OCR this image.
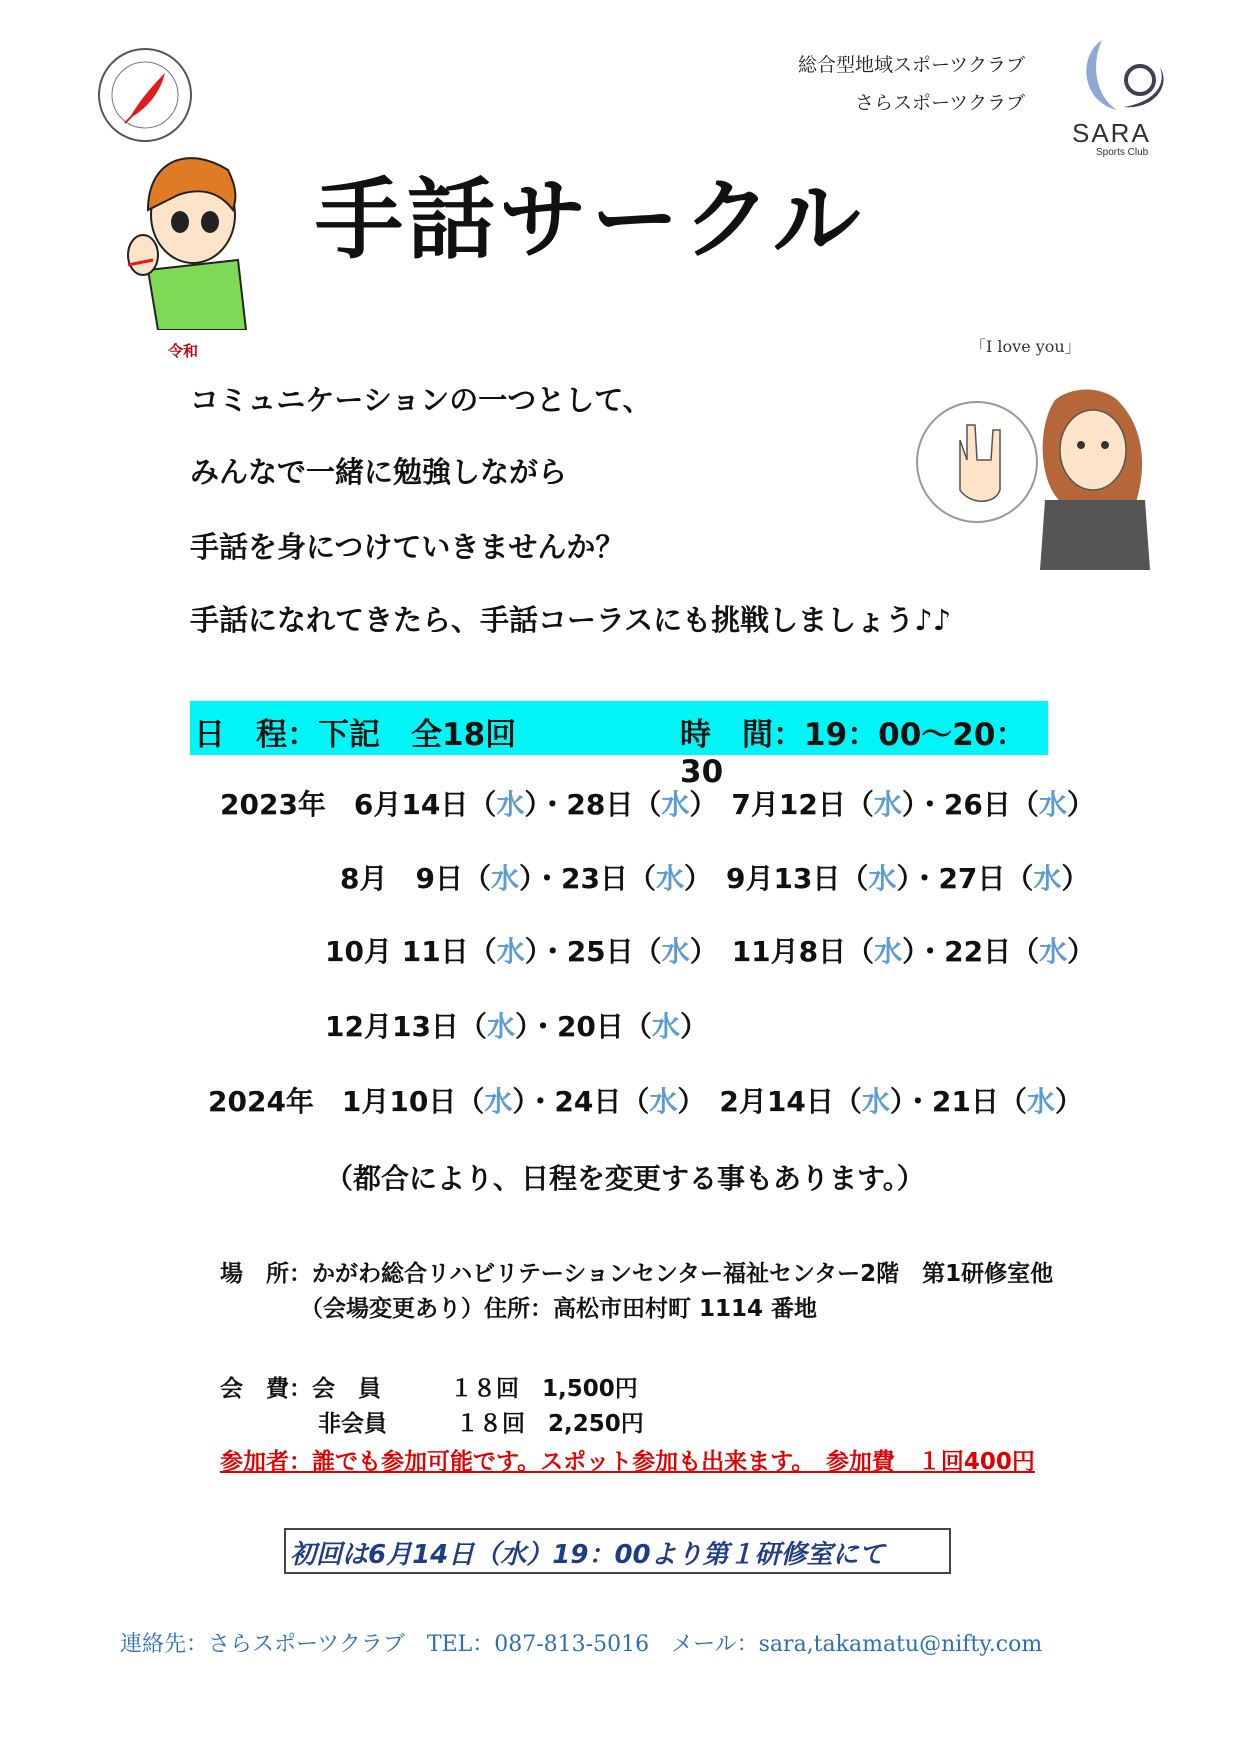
総合型地域スポーツクラブ
さらスポーツクラブ
SARA
Sports Club
令和
手話サークル
「I love you」
コミュニケーションの一つとして、
みんなで一緒に勉強しながら
手話を身につけていきませんか？
手話になれてきたら、手話コーラスにも挑戦しましょう♪♪
日　程：下記　全18回	時　間：19：00～20：30
2023年　6月14日（水）・28日（水）　7月12日（水）・26日（水）
8月　9日（水）・23日（水）　9月13日（水）・27日（水）
10月 11日（水）・25日（水）　11月8日（水）・22日（水）
12月13日（水）・20日（水）
2024年　1月10日（水）・24日（水）　2月14日（水）・21日（水）
（都合により、日程を変更する事もあります。）
場　所：かがわ総合リハビリテーションセンター福祉センター2階　第1研修室他
（会場変更あり）住所：高松市田村町 1114 番地
会　費：会　員　　　１８回　1,500円
非会員　　　１８回　2,250円
参加者：誰でも参加可能です。スポット参加も出来ます。　参加費　１回400円
初回は6月14日（水）19：00より第１研修室にて
連絡先：さらスポーツクラブ　TEL：087-813-5016　メール：sara,takamatu@nifty.com
